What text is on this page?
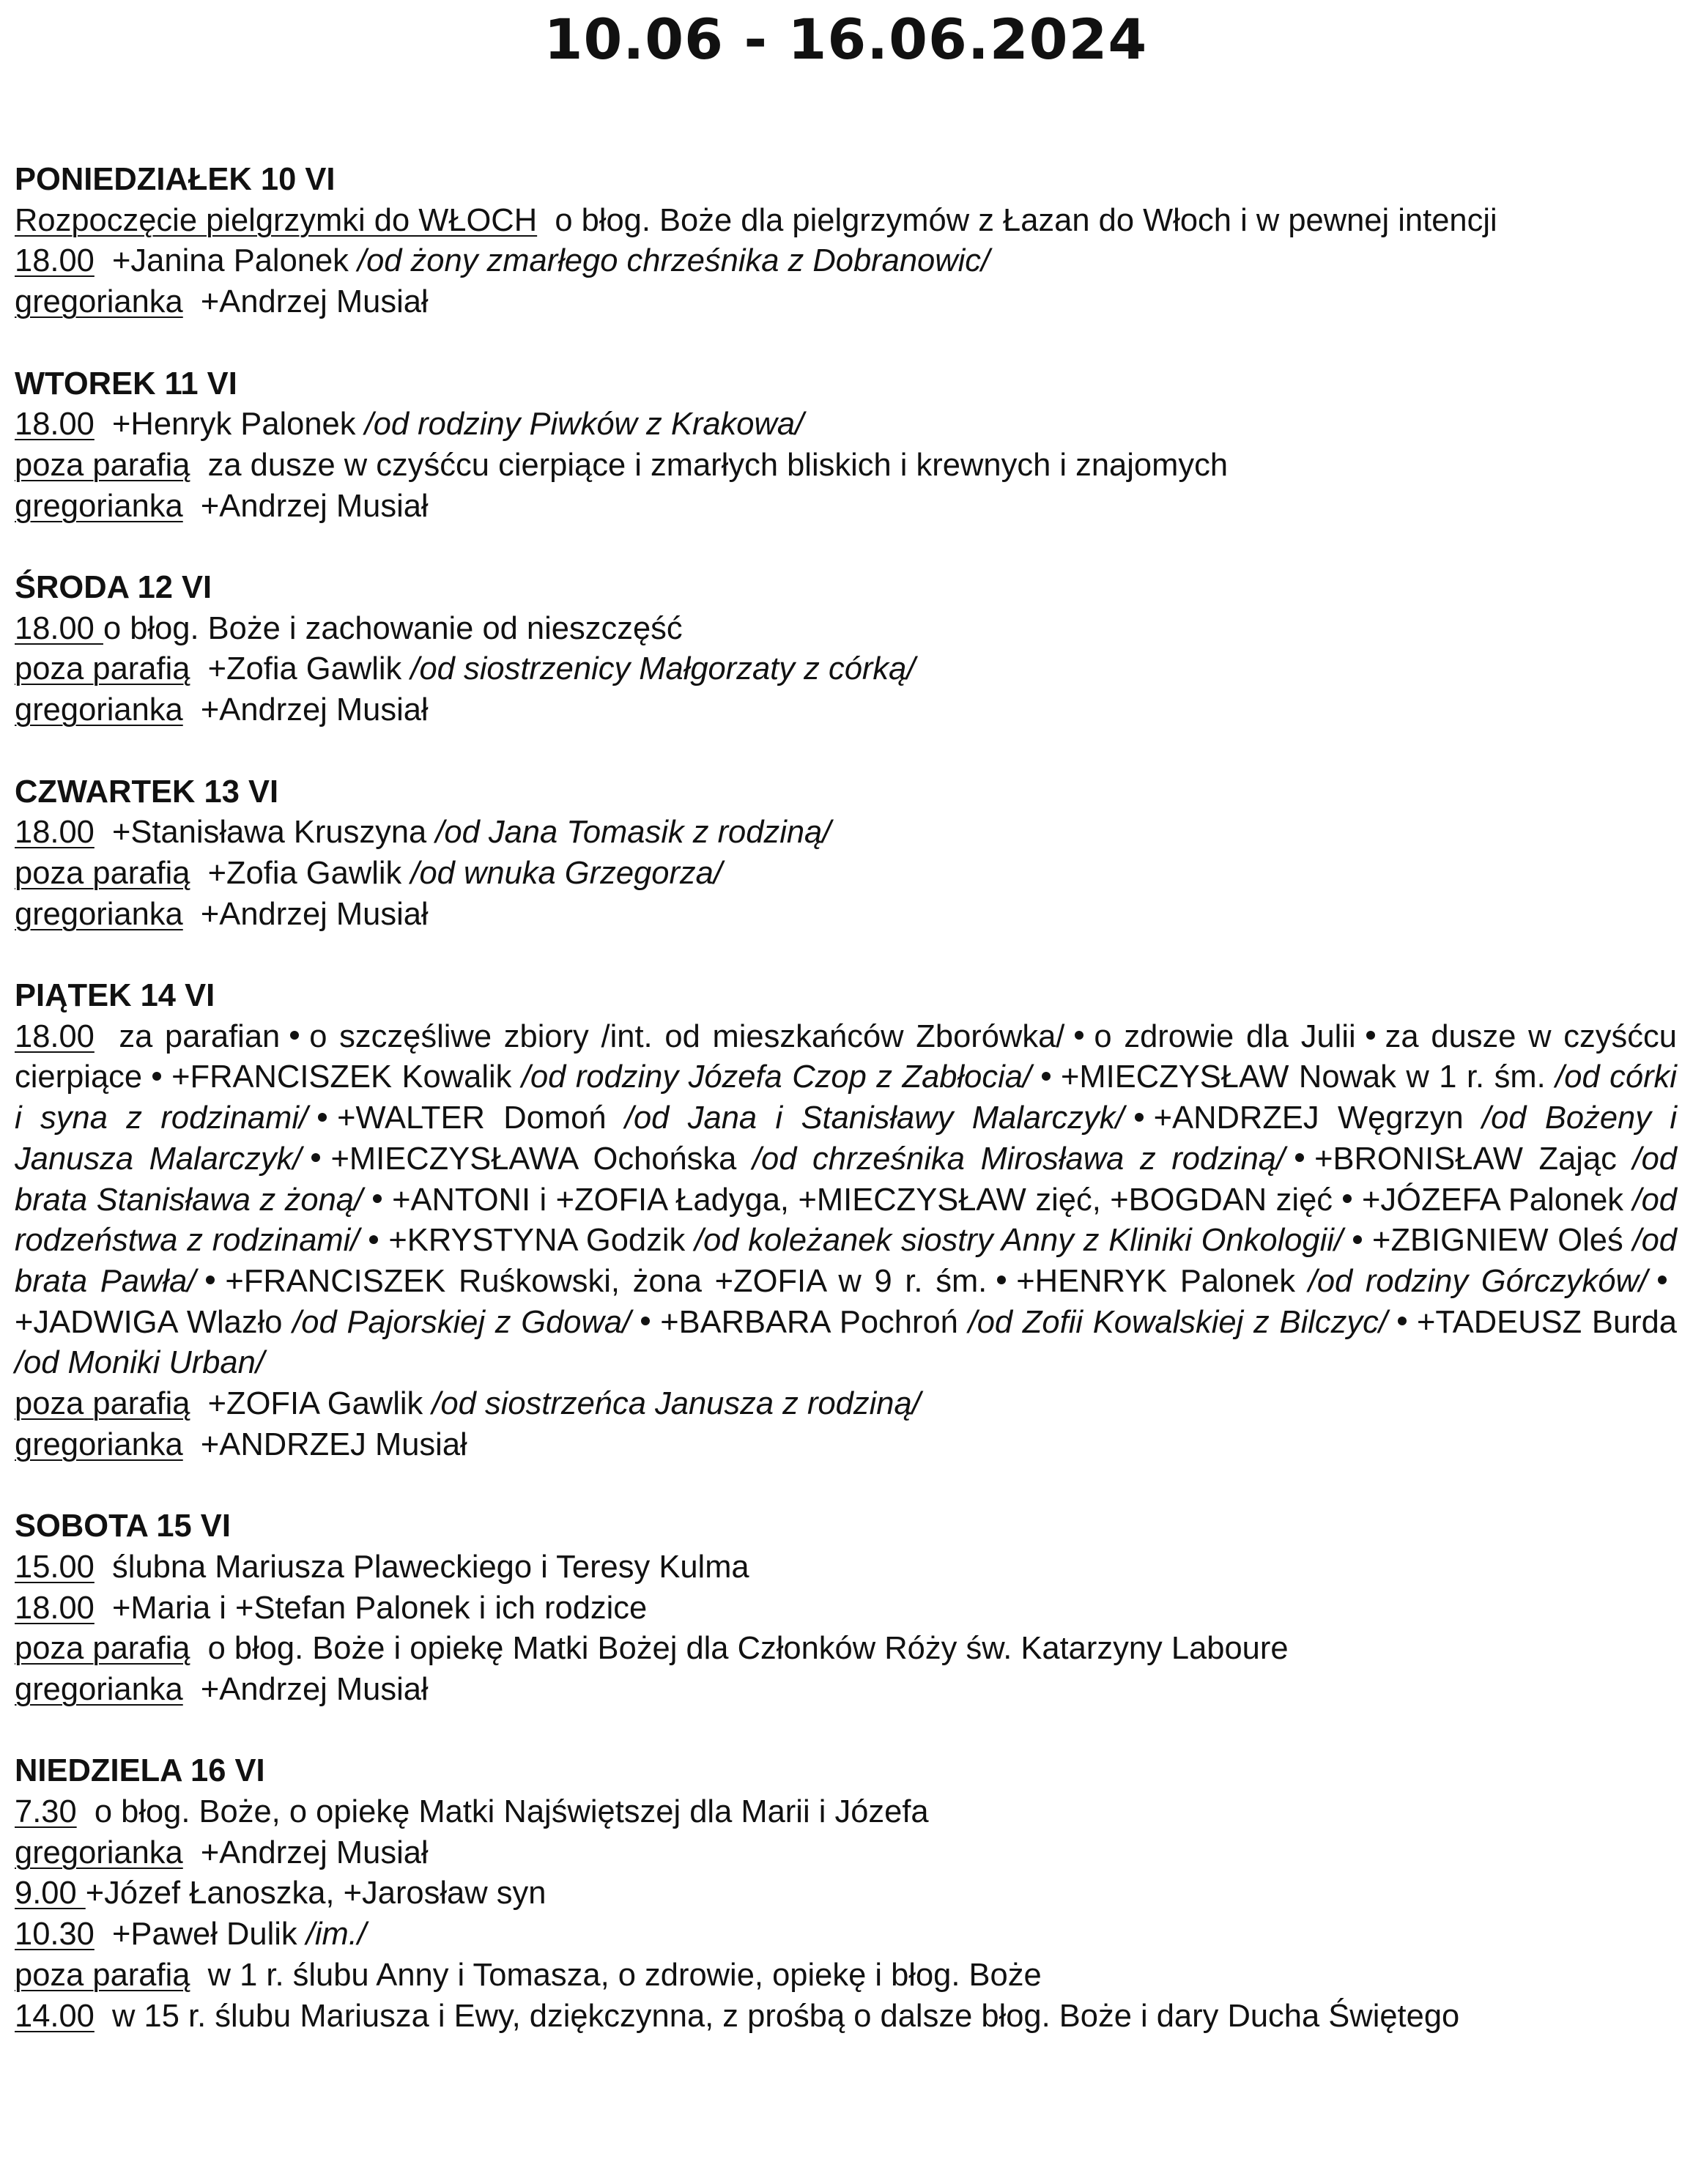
10.06 - 16.06.2024

PONIEDZIAŁEK 10 VI

Rozpoczęcie pielgrzymki do WŁOCH o błog. Boże dla pielgrzymów z Łazan do Włoch i w pewnej intencji

18.00 +Janina Palonek /od żony zmarłego chrześnika z Dobranowic/

gregorianka +Andrzej Musiał

WTOREK 11 VI

18.00 +Henryk Palonek /od rodziny Piwków z Krakowa/

poza parafią za dusze w czyśćcu cierpiące i zmarłych bliskich i krewnych i znajomych

gregorianka +Andrzej Musiał

ŚRODA 12 VI

18.00 o błog. Boże i zachowanie od nieszczęść

poza parafią +Zofia Gawlik /od siostrzenicy Małgorzaty z córką/

gregorianka +Andrzej Musiał

CZWARTEK 13 VI

18.00 +Stanisława Kruszyna /od Jana Tomasik z rodziną/

poza parafią +Zofia Gawlik /od wnuka Grzegorza/

gregorianka +Andrzej Musiał

PIĄTEK 14 VI

18.00 za parafian o szczęśliwe zbiory /int. od mieszkańców Zborówka/ o zdrowie dla Julii za dusze w czyśćcu cierpiące +FRANCISZEK Kowalik /od rodziny Józefa Czop z Zabłocia/ +MIECZYSŁAW Nowak w 1 r. śm. /od córki i syna z rodzinami/ +WALTER Domoń /od Jana i Stanisławy Malarczyk/ +ANDRZEJ Węgrzyn /od Bożeny i Janusza Malarczyk/ +MIECZYSŁAWA Ochońska /od chrześnika Mirosława z rodziną/ +BRONISŁAW Zając /od brata Stanisława z żoną/ +ANTONI i +ZOFIA Ładyga, +MIECZYSŁAW zięć, +BOGDAN zięć +JÓZEFA Palonek /od rodzeństwa z rodzinami/ +KRYSTYNA Godzik /od koleżanek siostry Anny z Kliniki Onkologii/ +ZBIGNIEW Oleś /od brata Pawła/ +FRANCISZEK Ruśkowski, żona +ZOFIA w 9 r. śm. +HENRYK Palonek /od rodziny Górczyków/+JADWIGA Wlazło /od Pajorskiej z Gdowa/ +BARBARA Pochroń /od Zofii Kowalskiej z Bilczyc/ +TADEUSZ Burda /od Moniki Urban/

poza parafią +ZOFIA Gawlik /od siostrzeńca Janusza z rodziną/

gregorianka +ANDRZEJ Musiał

SOBOTA 15 VI

15.00 ślubna Mariusza Plaweckiego i Teresy Kulma

18.00 +Maria i +Stefan Palonek i ich rodzice

poza parafią o błog. Boże i opiekę Matki Bożej dla Członków Róży św. Katarzyny Laboure

gregorianka +Andrzej Musiał

NIEDZIELA 16 VI

7.30 o błog. Boże, o opiekę Matki Najświętszej dla Marii i Józefa

gregorianka +Andrzej Musiał

9.00 +Józef Łanoszka, +Jarosław syn

10.30 +Paweł Dulik /im./

poza parafią w 1 r. ślubu Anny i Tomasza, o zdrowie, opiekę i błog. Boże

14.00 w 15 r. ślubu Mariusza i Ewy, dziękczynna, z prośbą o dalsze błog. Boże i dary Ducha Świętego
